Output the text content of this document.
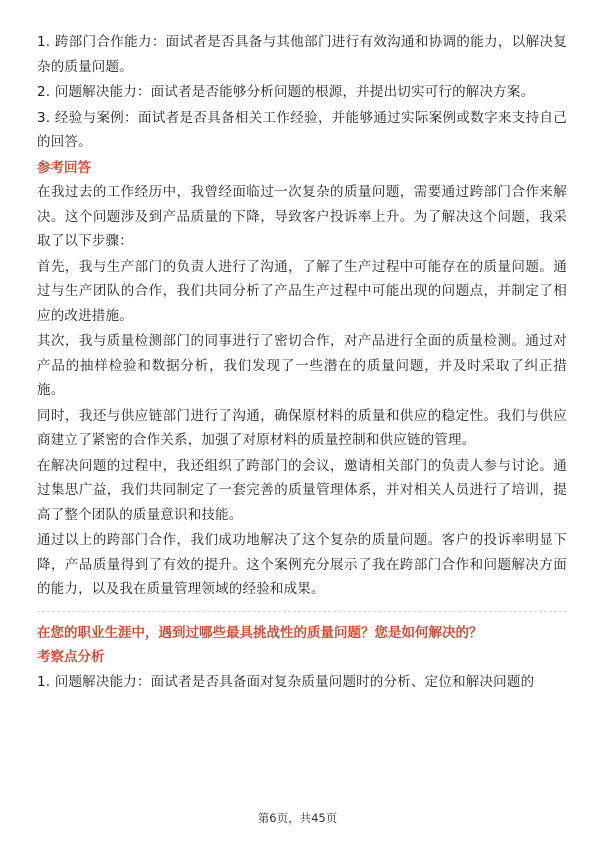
1. 跨部门合作能力：面试者是否具备与其他部门进行有效沟通和协调的能力，以解决复杂的质量问题。

2. 问题解决能力：面试者是否能够分析问题的根源，并提出切实可行的解决方案。

3. 经验与案例：面试者是否具备相关工作经验，并能够通过实际案例或数字来支持自己的回答。

参考回答

在我过去的工作经历中，我曾经面临过一次复杂的质量问题，需要通过跨部门合作来解决。这个问题涉及到产品质量的下降，导致客户投诉率上升。为了解决这个问题，我采取了以下步骤：

首先，我与生产部门的负责人进行了沟通，了解了生产过程中可能存在的质量问题。通过与生产团队的合作，我们共同分析了产品生产过程中可能出现的问题点，并制定了相应的改进措施。

其次，我与质量检测部门的同事进行了密切合作，对产品进行全面的质量检测。通过对产品的抽样检验和数据分析，我们发现了一些潜在的质量问题，并及时采取了纠正措施。

同时，我还与供应链部门进行了沟通，确保原材料的质量和供应的稳定性。我们与供应商建立了紧密的合作关系，加强了对原材料的质量控制和供应链的管理。

在解决问题的过程中，我还组织了跨部门的会议，邀请相关部门的负责人参与讨论。通过集思广益，我们共同制定了一套完善的质量管理体系，并对相关人员进行了培训，提高了整个团队的质量意识和技能。

通过以上的跨部门合作，我们成功地解决了这个复杂的质量问题。客户的投诉率明显下降，产品质量得到了有效的提升。这个案例充分展示了我在跨部门合作和问题解决方面的能力，以及我在质量管理领域的经验和成果。

在您的职业生涯中，遇到过哪些最具挑战性的质量问题？您是如何解决的？

考察点分析

1. 问题解决能力：面试者是否具备面对复杂质量问题时的分析、定位和解决问题的

第6页，共45页
